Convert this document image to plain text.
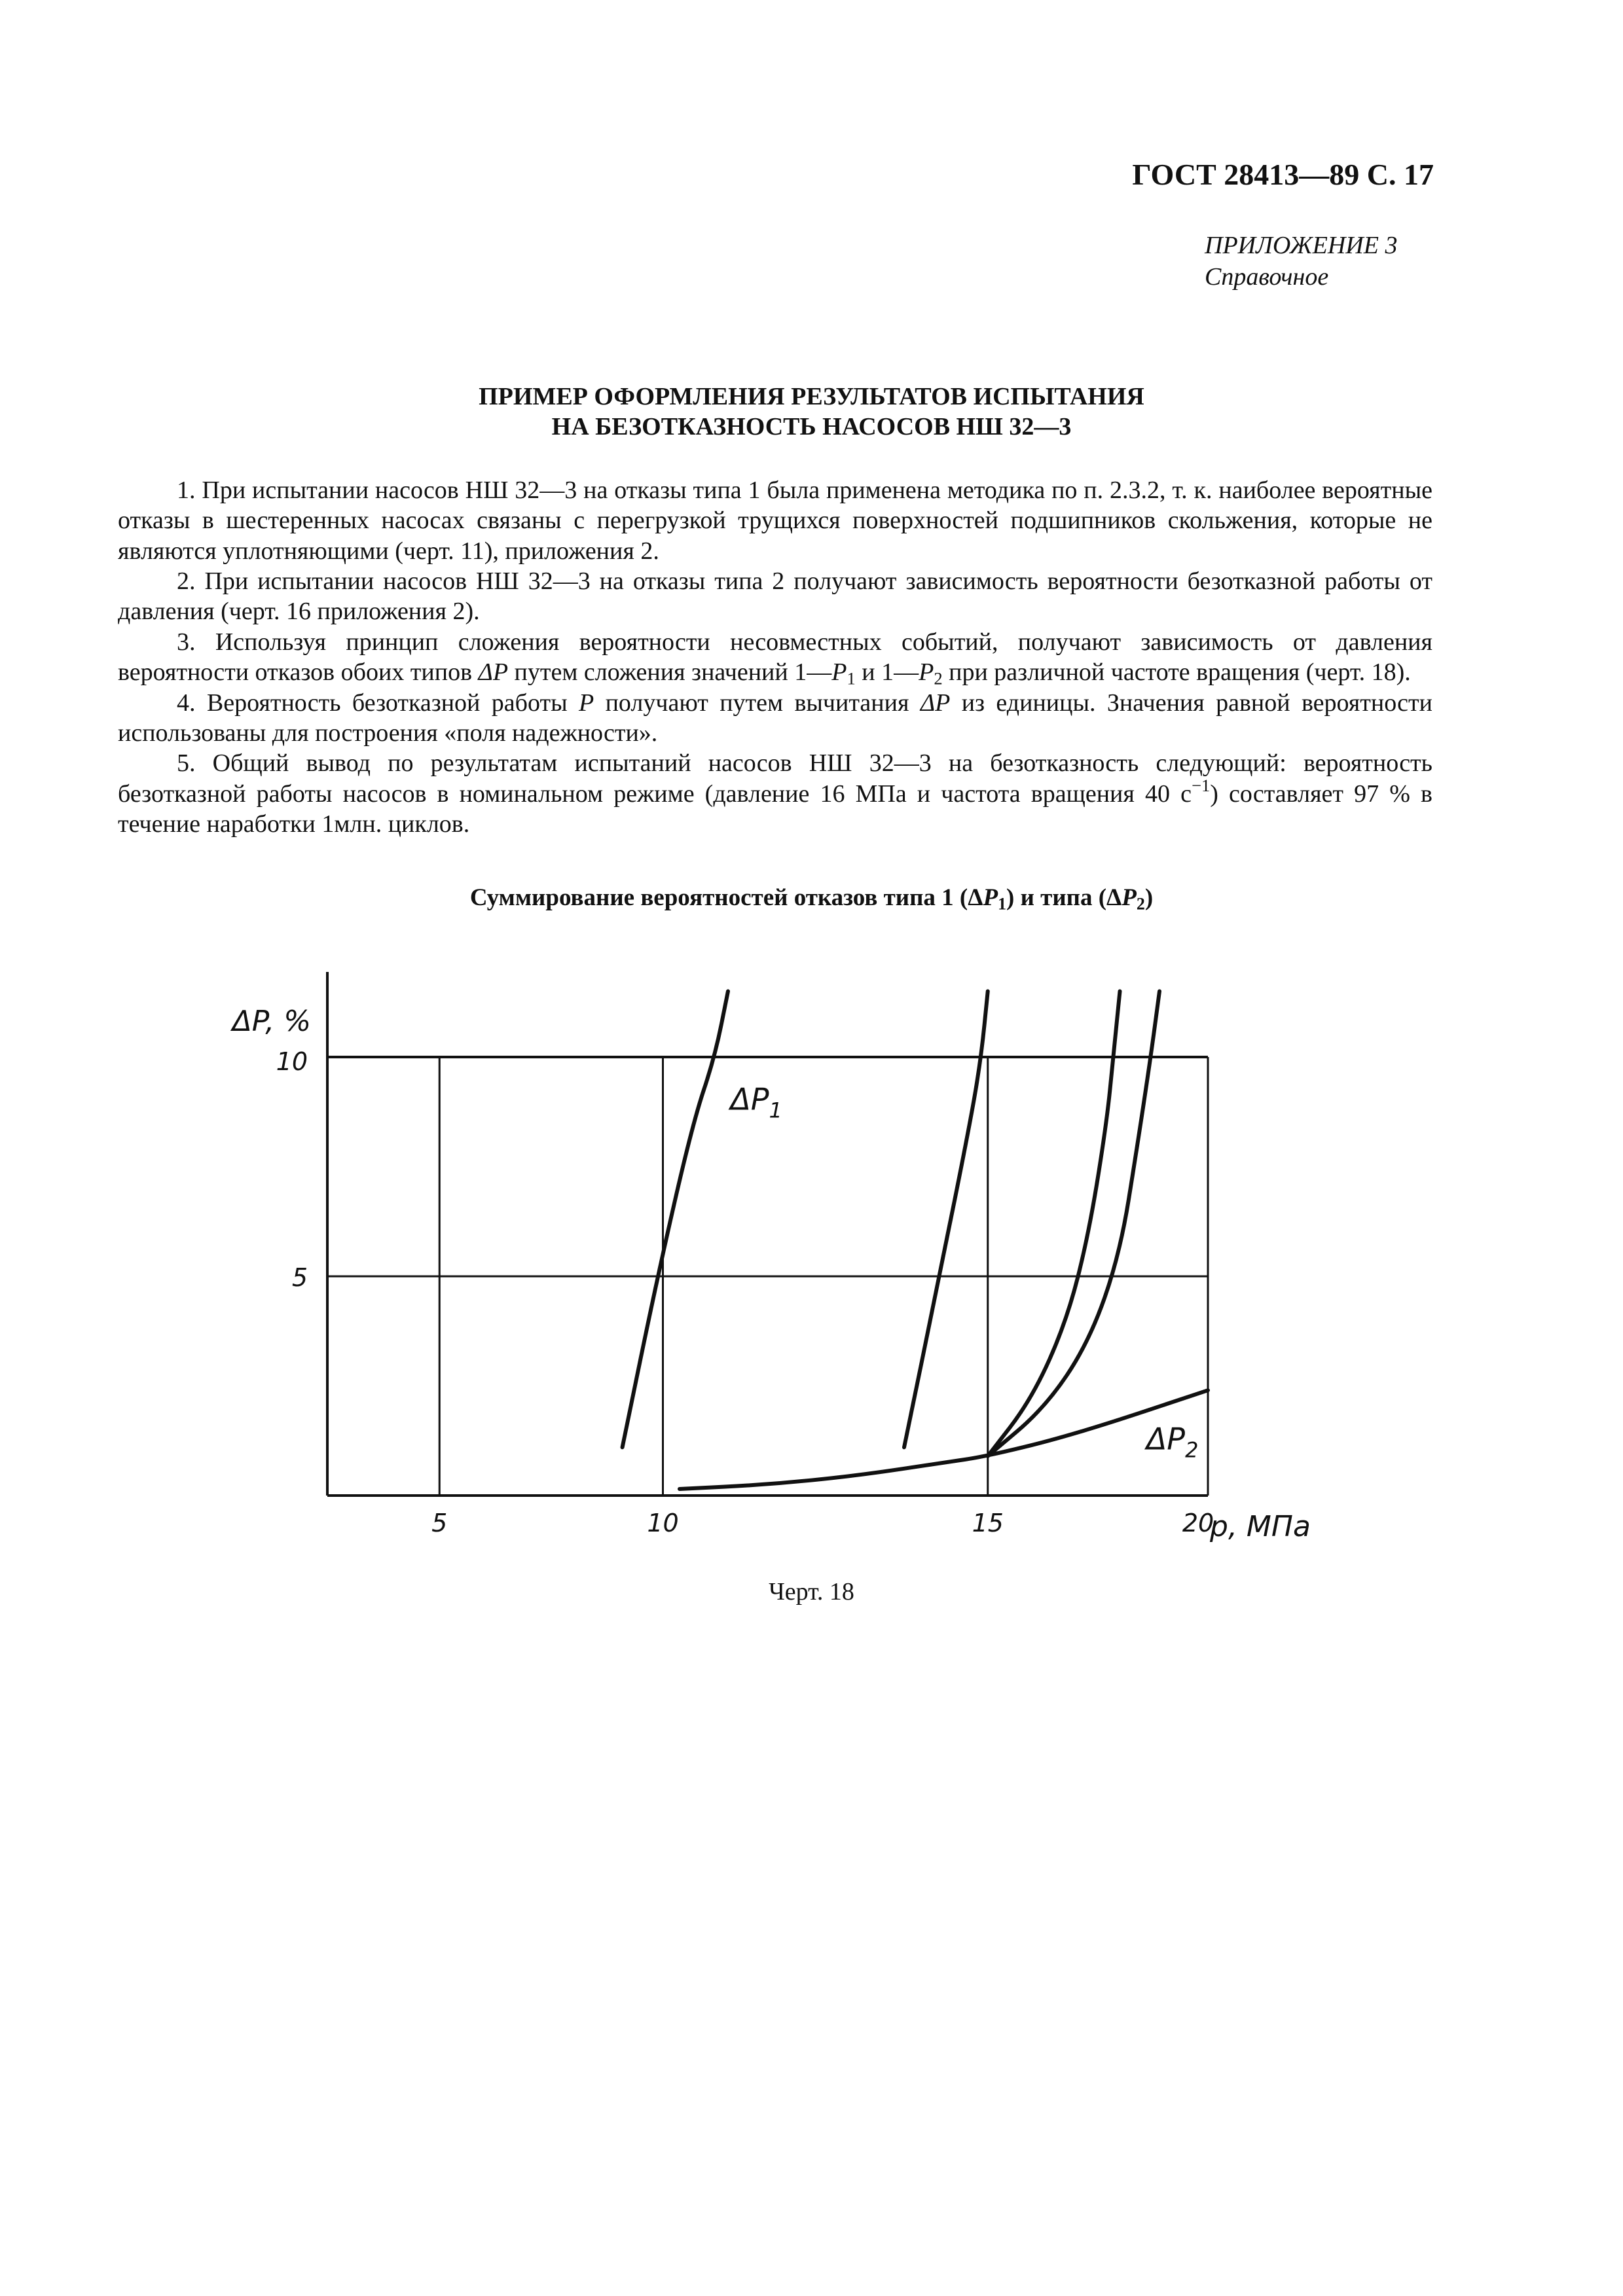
ГОСТ 28413—89 С. 17
ПРИЛОЖЕНИЕ 3
Справочное
ПРИМЕР ОФОРМЛЕНИЯ РЕЗУЛЬТАТОВ ИСПЫТАНИЯ
НА БЕЗОТКАЗНОСТЬ НАСОСОВ НШ 32—3

1. При испытании насосов НШ 32—3 на отказы типа 1 была применена методика по п. 2.3.2, т. к. наиболее вероятные отказы в шестеренных насосах связаны с перегрузкой трущихся поверхностей подшипников скольжения, которые не являются уплотняющими (черт. 11), приложения 2.

2. При испытании насосов НШ 32—3 на отказы типа 2 получают зависимость вероятности безотказной работы от давления (черт. 16 приложения 2).

3. Используя принцип сложения вероятности несовместных событий, получают зависимость от давления вероятности отказов обоих типов ΔP путем сложения значений $1—P_1$ и $1—P_2$ при различной частоте вращения (черт. 18).

4. Вероятность безотказной работы P получают путем вычитания ΔP из единицы. Значения равной вероятности использованы для построения «поля надежности».

5. Общий вывод по результатам испытаний насосов НШ 32—3 на безотказность следующий: вероятность безотказной работы насосов в номинальном режиме (давление 16 МПа и частота вращения 40 $с^{-1}$) составляет 97 % в течение наработки 1млн. циклов.

Суммирование вероятностей отказов типа 1 $(\Delta P_1)$ и типа $(\Delta P_2)$
5	10	15	20
p, МПа
5
10
ΔP, %
$\Delta P_1$
$\Delta P_2$
Черт. 18
